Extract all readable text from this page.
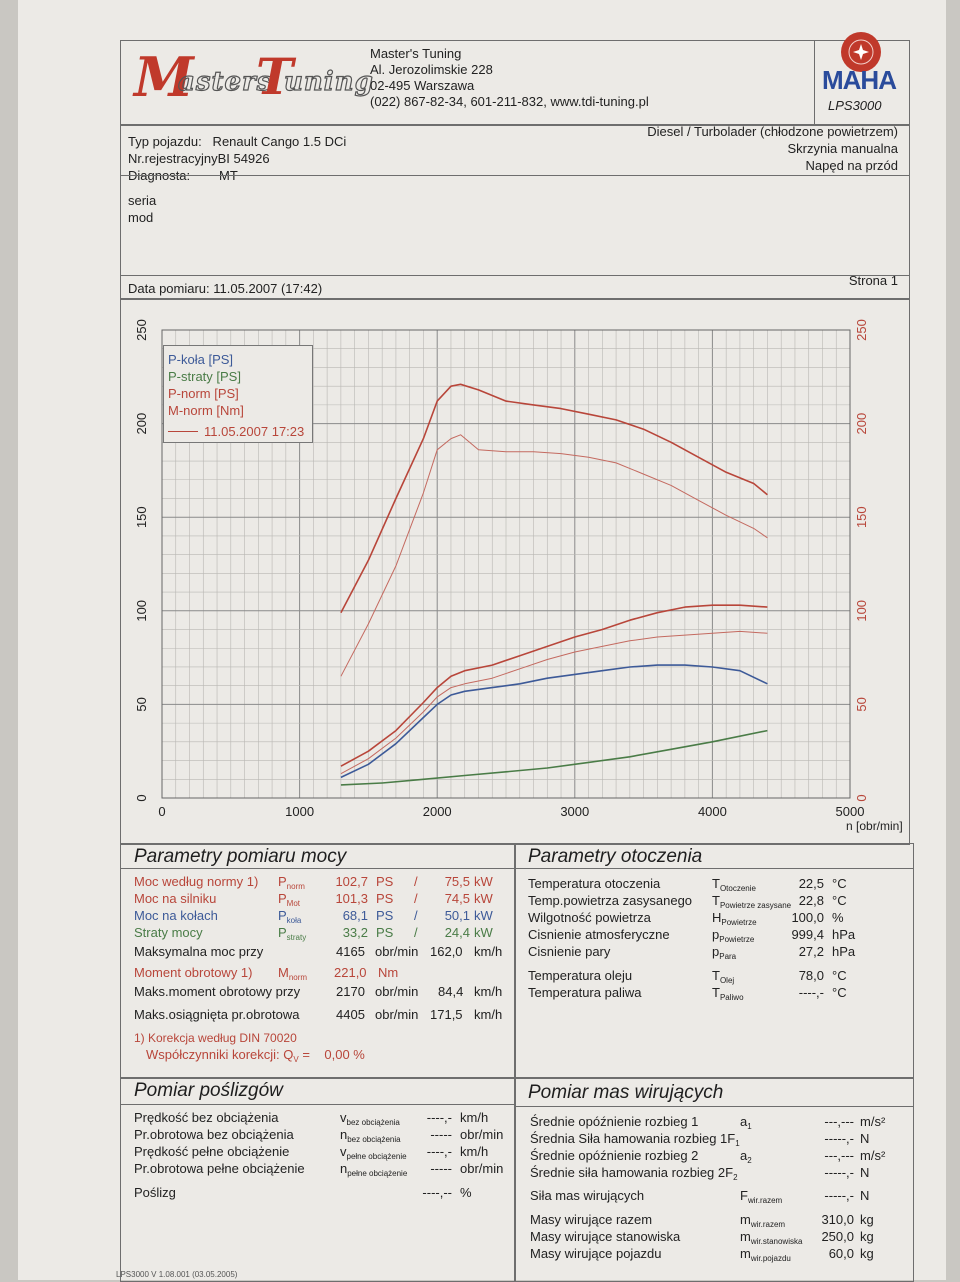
M
asters
T
uning
Master's Tuning
Al. Jerozolimskie 228
02-495 Warszawa
(022) 867-82-34, 601-211-832, www.tdi-tuning.pl
MAHA
LPS3000
Typ pojazdu:   Renault Cango 1.5 DCi
Nr.rejestracyjnyBI 54926
Diagnosta:        MT
Diesel / Turbolader (chłodzone powietrzem)
Skrzynia manualna
Napęd na przód
seria
mod
Data pomiaru: 11.05.2007 (17:42)
Strona 1
0	1000	2000	3000	4000	5000
0	0
50	50
100	100
150	150
200	200
250	250
n [obr/min]
P-koła [PS]
P-straty [PS]
P-norm [PS]
M-norm [Nm]
11.05.2007 17:23
Parametry pomiaru mocy	Parametry otoczenia
Maksymalna moc przy	4165 obr/min 162,0 km/h
Moment obrotowy 1) $M_{norm}$ 221,0 Nm
Maks.moment obrotowy przy	2170 obr/min 84,4 km/h
Maks.osiągnięta pr.obrotowa	4405 obr/min 171,5 km/h
1) Korekcja według DIN 70020
Współczynniki korekcji: $Q_V$ =    0,00 %
Pomiar poślizgów	Pomiar mas wirujących
LPS3000 V 1.08.001 (03.05.2005)
Moc według normy 1) $P_{norm}$	102,7 PS /	75,5 kW
Moc na silniku	$P_{Mot}$	101,3 PS /	74,5 kW
Moc na kołach	$P_{koła}$	68,1 PS /	50,1 kW
Straty mocy	$P_{straty}$	33,2 PS /	24,4 kW
Temperatura otoczenia	$T_{Otoczenie}$	22,5 °C
Temp.powietrza zasysanego $T_{Powietrze zasysane}$ 22,8 °C
Wilgotność powietrza	$H_{Powietrze}$	100,0 %
Cisnienie atmosferyczne	$p_{Powietrze}$	999,4 hPa
Cisnienie pary	$p_{Para}$	27,2 hPa
Temperatura oleju	$T_{Olej}$	78,0 °C
Temperatura paliwa	$T_{Paliwo}$	----,- °C
Prędkość bez obciążenia	$v_{bez obciążenia}$	----,- km/h
Pr.obrotowa bez obciążenia	$n_{bez obciążenia}$	----- obr/min
Prędkość pełne obciążenie	$v_{pełne obciążenie}$	----,- km/h
Pr.obrotowa pełne obciążenie	$n_{pełne obciążenie}$	----- obr/min
Poślizg	----,-- %
Średnie opóźnienie rozbieg 1	$a_1$	---,--- m/s²
Średnia Siła hamowania rozbieg $1F_1$	-----,- N
Średnie opóźnienie rozbieg 2	$a_2$	---,--- m/s²
Średnie siła hamowania rozbieg $2F_2$	-----,- N
Siła mas wirujących	$F_{wir.razem}$	-----,- N
Masy wirujące razem	$m_{wir.razem}$	310,0 kg
Masy wirujące stanowiska	$m_{wir.stanowiska}$	250,0 kg
Masy wirujące pojazdu	$m_{wir.pojazdu}$	60,0 kg
